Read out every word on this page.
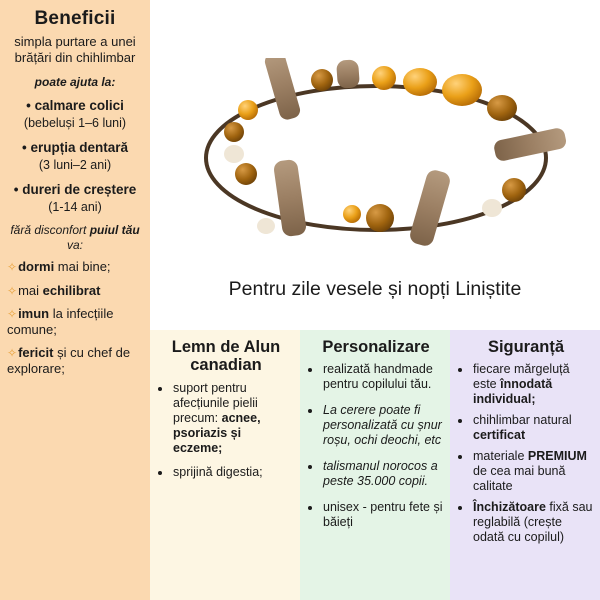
Beneficii
simpla purtare a unei brățări din chihlimbar
poate ajuta la:
• calmare colici
(bebeluși 1–6 luni)
• erupția dentară
(3 luni–2 ani)
• dureri de creștere
(1-14 ani)
fără disconfort puiul tău va:
✧dormi mai bine;
✧mai echilibrat
✧imun la infecțiile comune;
✧fericit și cu chef de explorare;
Pentru zile vesele și nopți Liniștite
Lemn de Alun canadian
• suport pentru afecțiunile pielii precum: acnee, psoriazis și eczeme;
• sprijină digestia;
Personalizare
• realizată handmade pentru copilului tău.
• La cerere poate fi personalizată cu șnur roșu, ochi deochi, etc
• talismanul norocos a peste 35.000 copii.
• unisex - pentru fete și băieți
Siguranță
• fiecare mărgeluță este înnodată individual;
• chihlimbar natural certificat
• materiale PREMIUM de cea mai bună calitate
• Închizătoare fixă sau reglabilă (crește odată cu copilul)
